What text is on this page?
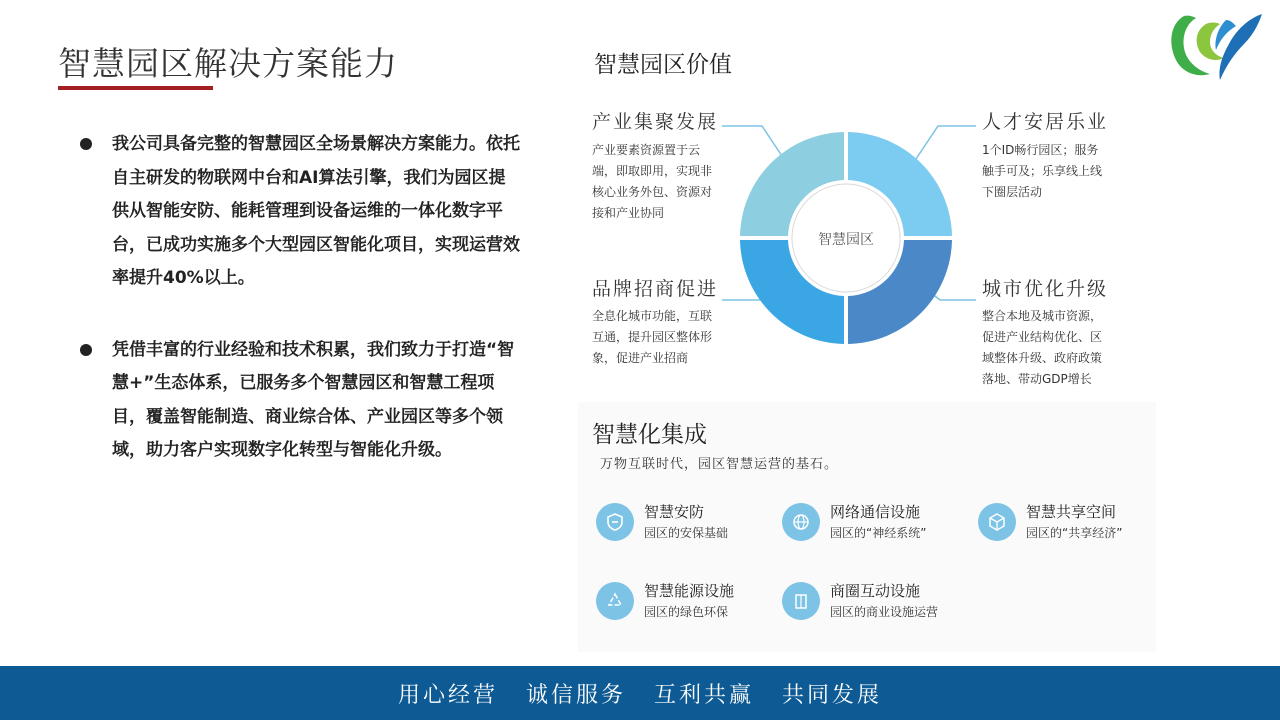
智慧园区解决方案能力

我公司具备完整的智慧园区全场景解决方案能力。依托自主研发的物联网中台和AI算法引擎，我们为园区提供从智能安防、能耗管理到设备运维的一体化数字平台，已成功实施多个大型园区智能化项目，实现运营效率提升40%以上。

凭借丰富的行业经验和技术积累，我们致力于打造“智慧+”生态体系，已服务多个智慧园区和智慧工程项目，覆盖智能制造、商业综合体、产业园区等多个领域，助力客户实现数字化转型与智能化升级。

智慧园区价值
产业集聚发展
产业要素资源置于云
端，即取即用，实现非
核心业务外包、资源对
接和产业协同
人才安居乐业
1个ID畅行园区；服务
触手可及；乐享线上线
下圈层活动
品牌招商促进
全息化城市功能，互联
互通，提升园区整体形
象，促进产业招商
城市优化升级
整合本地及城市资源，
促进产业结构优化、区
域整体升级、政府政策
落地、带动GDP增长
智慧园区
智慧化集成
万物互联时代，园区智慧运营的基石。
智慧安防
园区的安保基础
网络通信设施
园区的“神经系统”
智慧共享空间
园区的“共享经济”
智慧能源设施
园区的绿色环保
商圈互动设施
园区的商业设施运营
用心经营 诚信服务 互利共赢 共同发展
